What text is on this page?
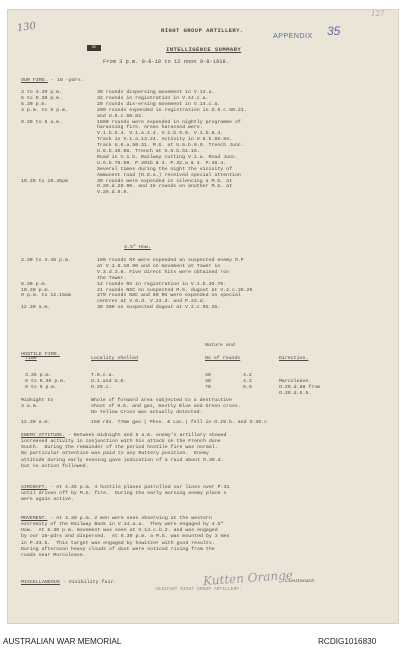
130
127
APPENDIX 35
RIGHT GROUP ARTILLERY.
SE	INTELLIGENCE SUMMARY
From 3 p.m. 8-8-18 to 12 noon 9-8-1918.
OUR FIRE. - 18 -pdrs.
3 to 3.30 p.m.	30 rounds dispersing movement in V.14.a.
5 to 5.30 p.m.	32 rounds in registration in V.14.c.a.
5.30 p.m.	20 rounds dis-ersing movement in V.14.c.a.
4 p.m. to 5 p.m.	200 rounds expended in registration in O.6.c.50.21.
and U.6.c.50.82.
9.30 to 5 a.m.	1500 rounds were expended in nightly programme of
harassing fire. Areas harassed were.
V.1.b.5.4. V.1.a.4.4. V.1.b.9.8. V.1.b.8.4.
Track in V.1.a.13.24. Activity in U.6.b.85.84.
Track U.6.a.50.31. M.G. at U.6.b.9.9. Trench Junc.
U.6.b.45.68. Trench at U.6.b.51.16.
Road in V.1.b. Railway cutting V.1.a. Road Junc.
U.6.b.70.50. P.301b & 4. P.32.a & 4. P.38.4.
Several times during the night the vicinity of
Ammunent road (O.8.a.) received special attention
10.30 to 10.45pm	30 rounds were expended in silencing a M.G. at
O.29.d.20.90. and 15 rounds on another M.G. at
V.26.d.9.9.
4.5" How.
2.30 to 3.45 p.m.	100 rounds RX were expended an suspected enemy O.P
at V.1.8.10.90 and on movement at Tower in
V.3.d.3.8. Five direct hits were obtained !on
the Tower.
6.30 p.m.	12 rounds RX in registration in V.1.b.30.70.
10.30 p.m.	21 rounds NSC on suspected M.G. dugout at V.2.c.25.25
9 p.m. to 12.15am	270 rounds NSC and 60 RX were expended on special
centres at V.6.d. V.23.d. and P.23.d.
12.30 a.m.	30 300 on suspected dugout at V.2.c.05.25.
HOSTILE FIRE.
Nature and
Time	Locality shelled	No of rounds	Direction.
3.35 p.m.	T.6.c.a.	40	4.2
6 to 6.30 p.m.	U.1.and U.6.	40	4.2	Marcoleave.
8 to 9 p.m.	O.29.c.	70	5.9	O.29.d.80 from
O.29.d.5.5.
Midnight to	Whole of forward area subjected to a destructive
3 a.m.	shoot of H.E. and gas, mostly Blue and Green cross.
No Yellow Cross was actually detected.
12.30 a.m.	150 rds. 77mm gas ( Phos. & Lac.) fell in O.29.b. and O.30.c
ENEMY ATTITUDE. - Between midnight and 5 a.m. enemy's artillery showed
increased activity in conjunction with his attack on the French dune
South.  During the remainder of the period hostile fire was normal.
No particular attention was paid to any Battery position.  Enemy
attitude during early evening gave indication of a raid about O.30.d.
but no action followed.
AIRCRAFT. - At 4.45 p.m. 4 hostile planes patrolled our lines over P.31
until driven off by M.G. fire.  During the early morning enemy plane s
were again active.
MOVEMENT. - At 4.30 p.m. 2 men were seen observing at the western
extremity of the Railway Bank in V.14.a.a.  They were engaged by 4.5"
How.  At 5.30 p.m. movement was seen at V.14.c.b.2. and was engaged
by our 18-pdrs and dispersed.  At 6.30 p.m. a M.G. was mounted by 3 men
in P.33.b.  This target was engaged by howitzer with good results.
During afternoon heavy clouds of dust were noticed rising from the
roads near Morcoleave.
MISCELLANEOUS - Visibility fair.	Kutten Orange
Lieutenant
ADJUTANT RIGHT GROUP ARTILLERY.
AUSTRALIAN WAR MEMORIAL	RCDIG1016830
